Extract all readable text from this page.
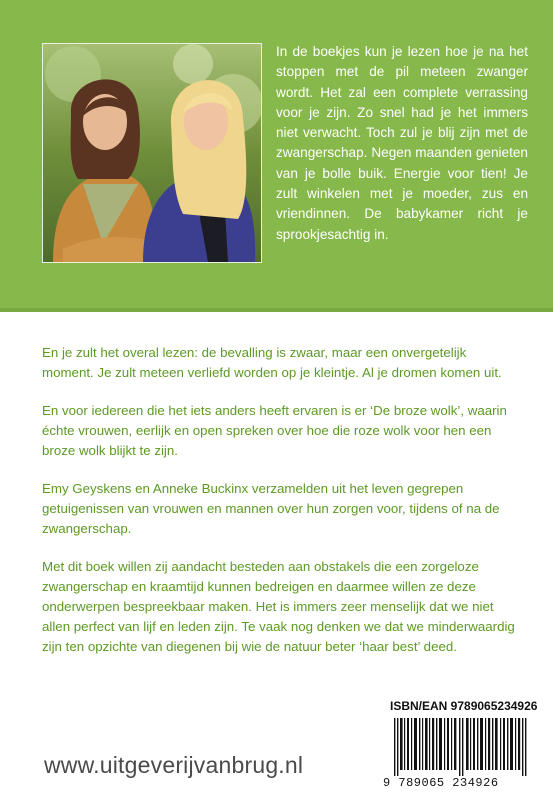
In de boekjes kun je lezen hoe je na het stoppen met de pil meteen zwanger wordt. Het zal een complete verrassing voor je zijn. Zo snel had je het immers niet verwacht. Toch zul je blij zijn met de zwangerschap. Negen maanden genieten van je bolle buik. Energie voor tien! Je zult winkelen met je moeder, zus en vriendinnen. De babykamer richt je sprookjesachtig in.

En je zult het overal lezen: de bevalling is zwaar, maar een onvergetelijk moment. Je zult meteen verliefd worden op je kleintje. Al je dromen komen uit.

En voor iedereen die het iets anders heeft ervaren is er ‘De broze wolk’, waarin échte vrouwen, eerlijk en open spreken over hoe die roze wolk voor hen een broze wolk blijkt te zijn.

Emy Geyskens en Anneke Buckinx verzamelden uit het leven gegrepen getuigenissen van vrouwen en mannen over hun zorgen voor, tijdens of na de zwangerschap.

Met dit boek willen zij aandacht besteden aan obstakels die een zorgeloze zwangerschap en kraamtijd kunnen bedreigen en daarmee willen ze deze onderwerpen bespreekbaar maken. Het is immers zeer menselijk dat we niet allen perfect van lijf en leden zijn. Te vaak nog denken we dat we minderwaardig zijn ten opzichte van diegenen bij wie de natuur beter ‘haar best’ deed.

www.uitgeverijvanbrug.nl
ISBN/EAN 9789065234926
9 789065 234926
